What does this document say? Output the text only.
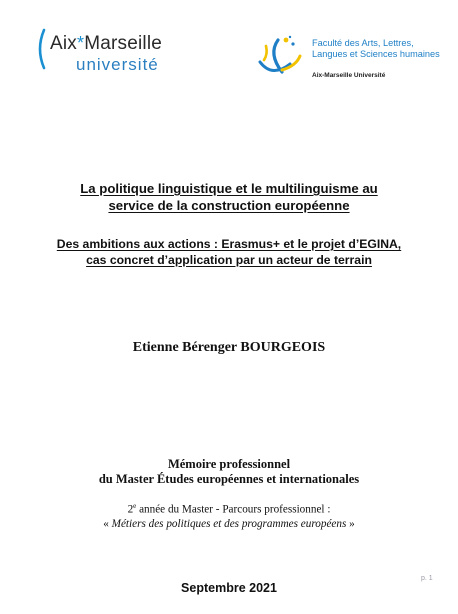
Aix*Marseille
université
Faculté des Arts, Lettres,
Langues et Sciences humaines
Aix-Marseille Université
La politique linguistique et le multilinguisme au
service de la construction européenne
Des ambitions aux actions : Erasmus+ et le projet d’EGINA,
cas concret d’application par un acteur de terrain
Etienne Bérenger BOURGEOIS
Mémoire professionnel
du Master Études européennes et internationales
2e année du Master - Parcours professionnel :
« Métiers des politiques et des programmes européens »
p. 1
Septembre 2021
